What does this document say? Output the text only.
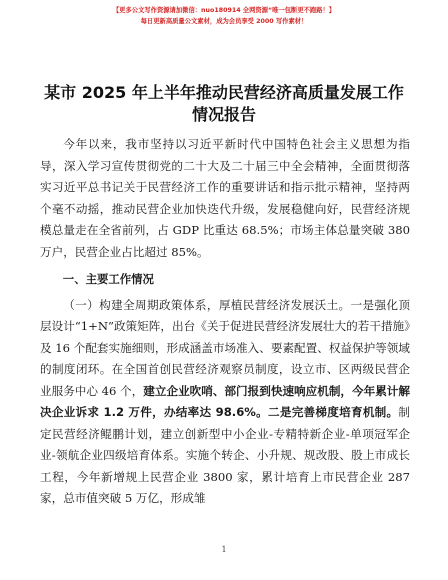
【更多公文写作资源请加微信：nuo180914 全网资源“唯一包断更不跑路！】
每日更新高质量公文素材，成为会员享受 2000 写作素材！
某市 2025 年上半年推动民营经济高质量发展工作情况报告

今年以来，我市坚持以习近平新时代中国特色社会主义思想为指导，深入学习宣传贯彻党的二十大及二十届三中全会精神，全面贯彻落实习近平总书记关于民营经济工作的重要讲话和指示批示精神，坚持两个毫不动摇，推动民营企业加快迭代升级，发展稳健向好，民营经济规模总量走在全省前列，占 GDP 比重达 68.5%；市场主体总量突破 380 万户，民营企业占比超过 85%。

一、主要工作情况

（一）构建全周期政策体系，厚植民营经济发展沃土。一是强化顶层设计“1+N”政策矩阵，出台《关于促进民营经济发展壮大的若干措施》及 16 个配套实施细则，形成涵盖市场准入、要素配置、权益保护等领域的制度闭环。在全国首创民营经济观察员制度，设立市、区两级民营企业服务中心 46 个，建立企业吹哨、部门报到快速响应机制，今年累计解决企业诉求 1.2 万件，办结率达 98.6%。二是完善梯度培育机制。制定民营经济鲲鹏计划，建立创新型中小企业-专精特新企业-单项冠军企业-领航企业四级培育体系。实施个转企、小升规、规改股、股上市成长工程，今年新增规上民营企业 3800 家，累计培育上市民营企业 287 家，总市值突破 5 万亿，形成雏

1
